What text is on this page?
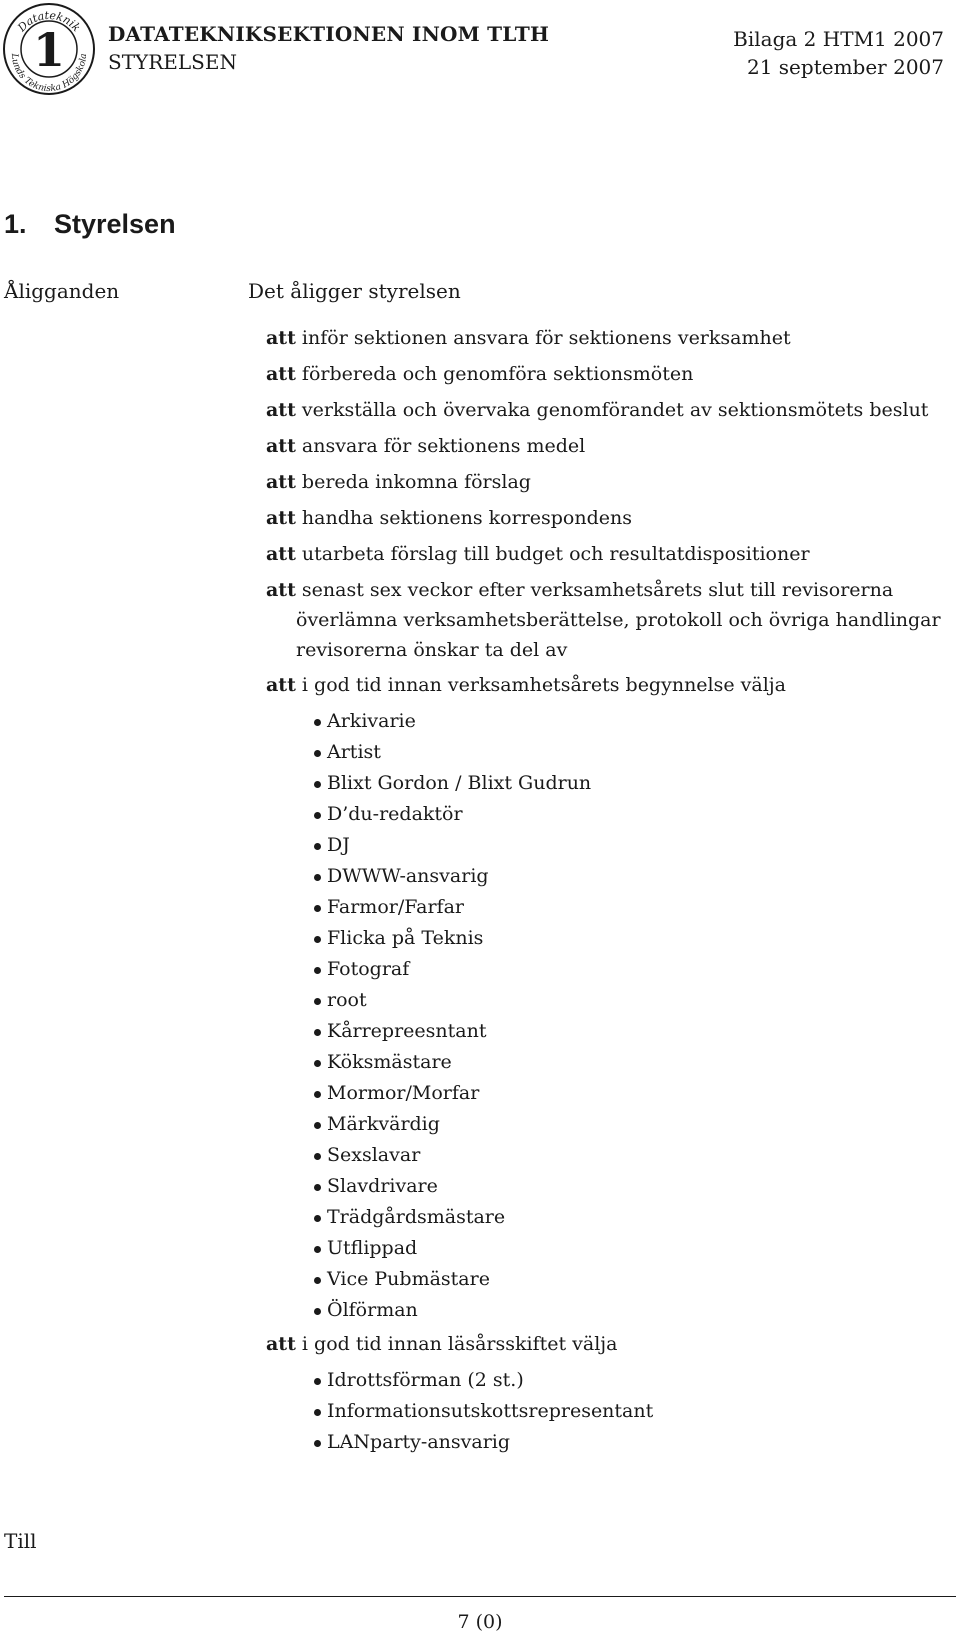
Datateknik
Lunds Tekniska Högskola
1 DATATEKNIKSEKTIONEN INOM TLTH
STYRELSEN
Bilaga 2 HTM1 2007
21 september 2007
1. Styrelsen
Åligganden	Det åligger styrelsen

att inför sektionen ansvara för sektionens verksamhet

att förbereda och genomföra sektionsmöten

att verkställa och övervaka genomförandet av sektionsmötets beslut

att ansvara för sektionens medel

att bereda inkomna förslag

att handha sektionens korrespondens

att utarbeta förslag till budget och resultatdispositioner

att senast sex veckor efter verksamhetsårets slut till revisorerna överlämna verksamhetsberättelse, protokoll och övriga handlingar revisorerna önskar ta del av

att i god tid innan verksamhetsårets begynnelse välja

Arkivarie
Artist
Blixt Gordon / Blixt Gudrun
D’du-redaktör
DJ
DWWW-ansvarig
Farmor/Farfar
Flicka på Teknis
Fotograf
root
Kårrepreesntant
Köksmästare
Mormor/Morfar
Märkvärdig
Sexslavar
Slavdrivare
Trädgårdsmästare
Utflippad
Vice Pubmästare
Ölförman

att i god tid innan läsårsskiftet välja

Idrottsförman (2 st.)
Informationsutskottsrepresentant
LANparty-ansvarig
Till
7 (0)
